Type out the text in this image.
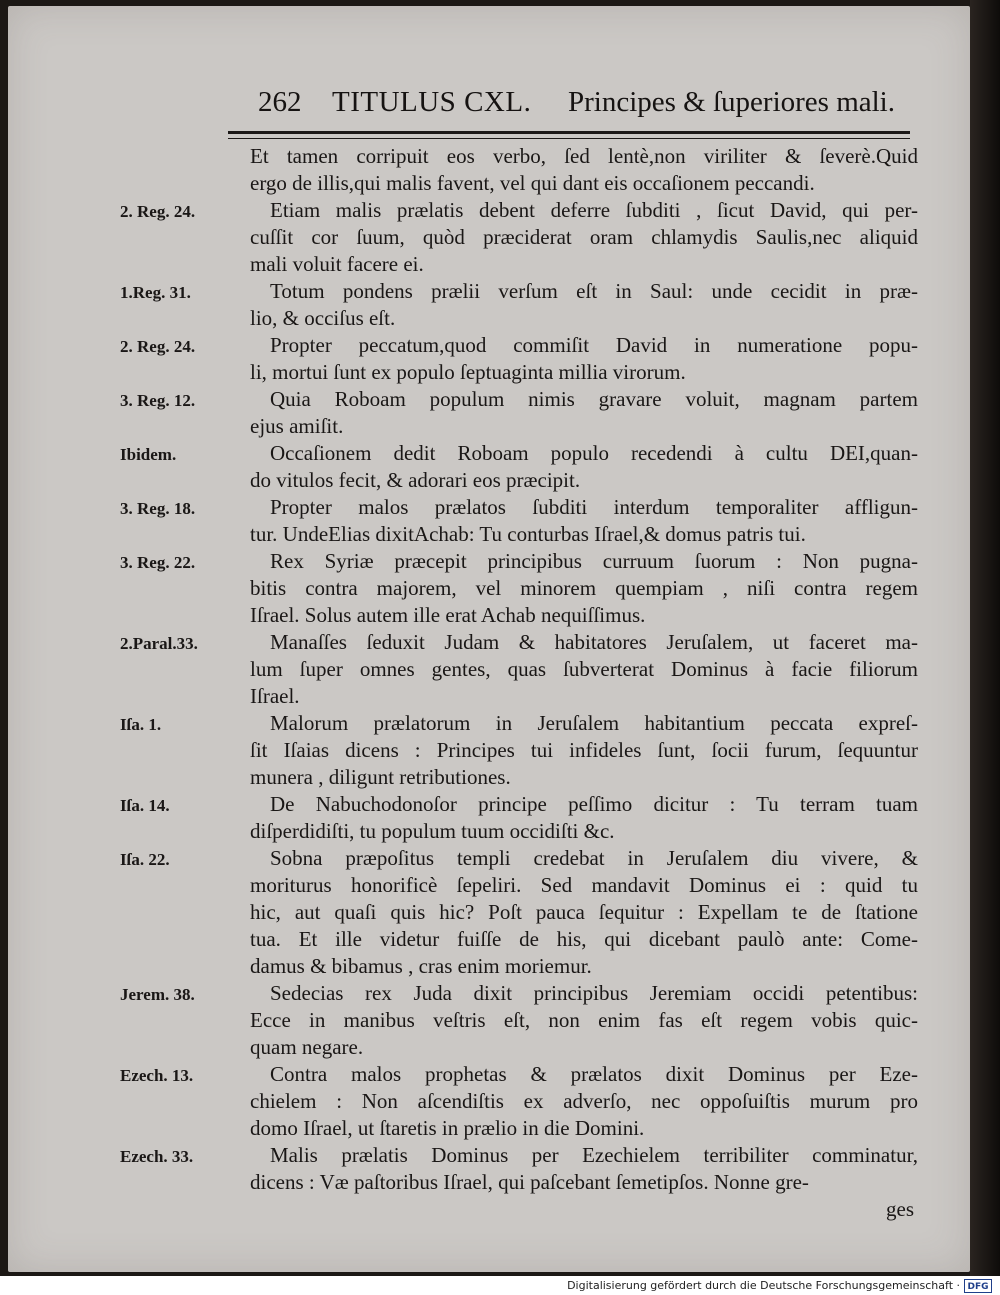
262 TITULUS CXL. Principes & ſuperiores mali.
Et tamen corripuit eos verbo, ſed lentè,non viriliter & ſeverè.Quid
ergo de illis,qui malis favent, vel qui dant eis occaſionem peccandi.
Etiam malis prælatis debent deferre ſubditi , ſicut David, qui per-
cuſſit cor ſuum, quòd præciderat oram chlamydis Saulis,nec aliquid
mali voluit facere ei.
Totum pondens prælii verſum eſt in Saul: unde cecidit in præ-
lio, & occiſus eſt.
Propter peccatum,quod commiſit David in numeratione popu-
li, mortui ſunt ex populo ſeptuaginta millia virorum.
Quia Roboam populum nimis gravare voluit, magnam partem
ejus amiſit.
Occaſionem dedit Roboam populo recedendi à cultu DEI,quan-
do vitulos fecit, & adorari eos præcipit.
Propter malos prælatos ſubditi interdum temporaliter affligun-
tur. UndeElias dixitAchab: Tu conturbas Iſrael,& domus patris tui.
Rex Syriæ præcepit principibus curruum ſuorum : Non pugna-
bitis contra majorem, vel minorem quempiam , niſi contra regem
Iſrael. Solus autem ille erat Achab nequiſſimus.
Manaſſes ſeduxit Judam & habitatores Jeruſalem, ut faceret ma-
lum ſuper omnes gentes, quas ſubverterat Dominus à facie filiorum
Iſrael.
Malorum prælatorum in Jeruſalem habitantium peccata expreſ-
ſit Iſaias dicens : Principes tui infideles ſunt, ſocii furum, ſequuntur
munera , diligunt retributiones.
De Nabuchodonoſor principe peſſimo dicitur : Tu terram tuam
diſperdidiſti, tu populum tuum occidiſti &c.
Sobna præpoſitus templi credebat in Jeruſalem diu vivere, &
moriturus honorificè ſepeliri. Sed mandavit Dominus ei : quid tu
hic, aut quaſi quis hic? Poſt pauca ſequitur : Expellam te de ſtatione
tua. Et ille videtur fuiſſe de his, qui dicebant paulò ante: Come-
damus & bibamus , cras enim moriemur.
Sedecias rex Juda dixit principibus Jeremiam occidi petentibus:
Ecce in manibus veſtris eſt, non enim fas eſt regem vobis quic-
quam negare.
Contra malos prophetas & prælatos dixit Dominus per Eze-
chielem : Non aſcendiſtis ex adverſo, nec oppoſuiſtis murum pro
domo Iſrael, ut ſtaretis in prælio in die Domini.
Malis prælatis Dominus per Ezechielem terribiliter comminatur,
dicens : Væ paſtoribus Iſrael, qui paſcebant ſemetipſos. Nonne gre-
ges
2. Reg. 24.
1.Reg. 31.
2. Reg. 24.
3. Reg. 12.
Ibidem.
3. Reg. 18.
3. Reg. 22.
2.Paral.33.
Iſa. 1.
Iſa. 14.
Iſa. 22.
Jerem. 38.
Ezech. 13.
Ezech. 33.
Digitalisierung gefördert durch die Deutsche Forschungsgemeinschaft · DFG
